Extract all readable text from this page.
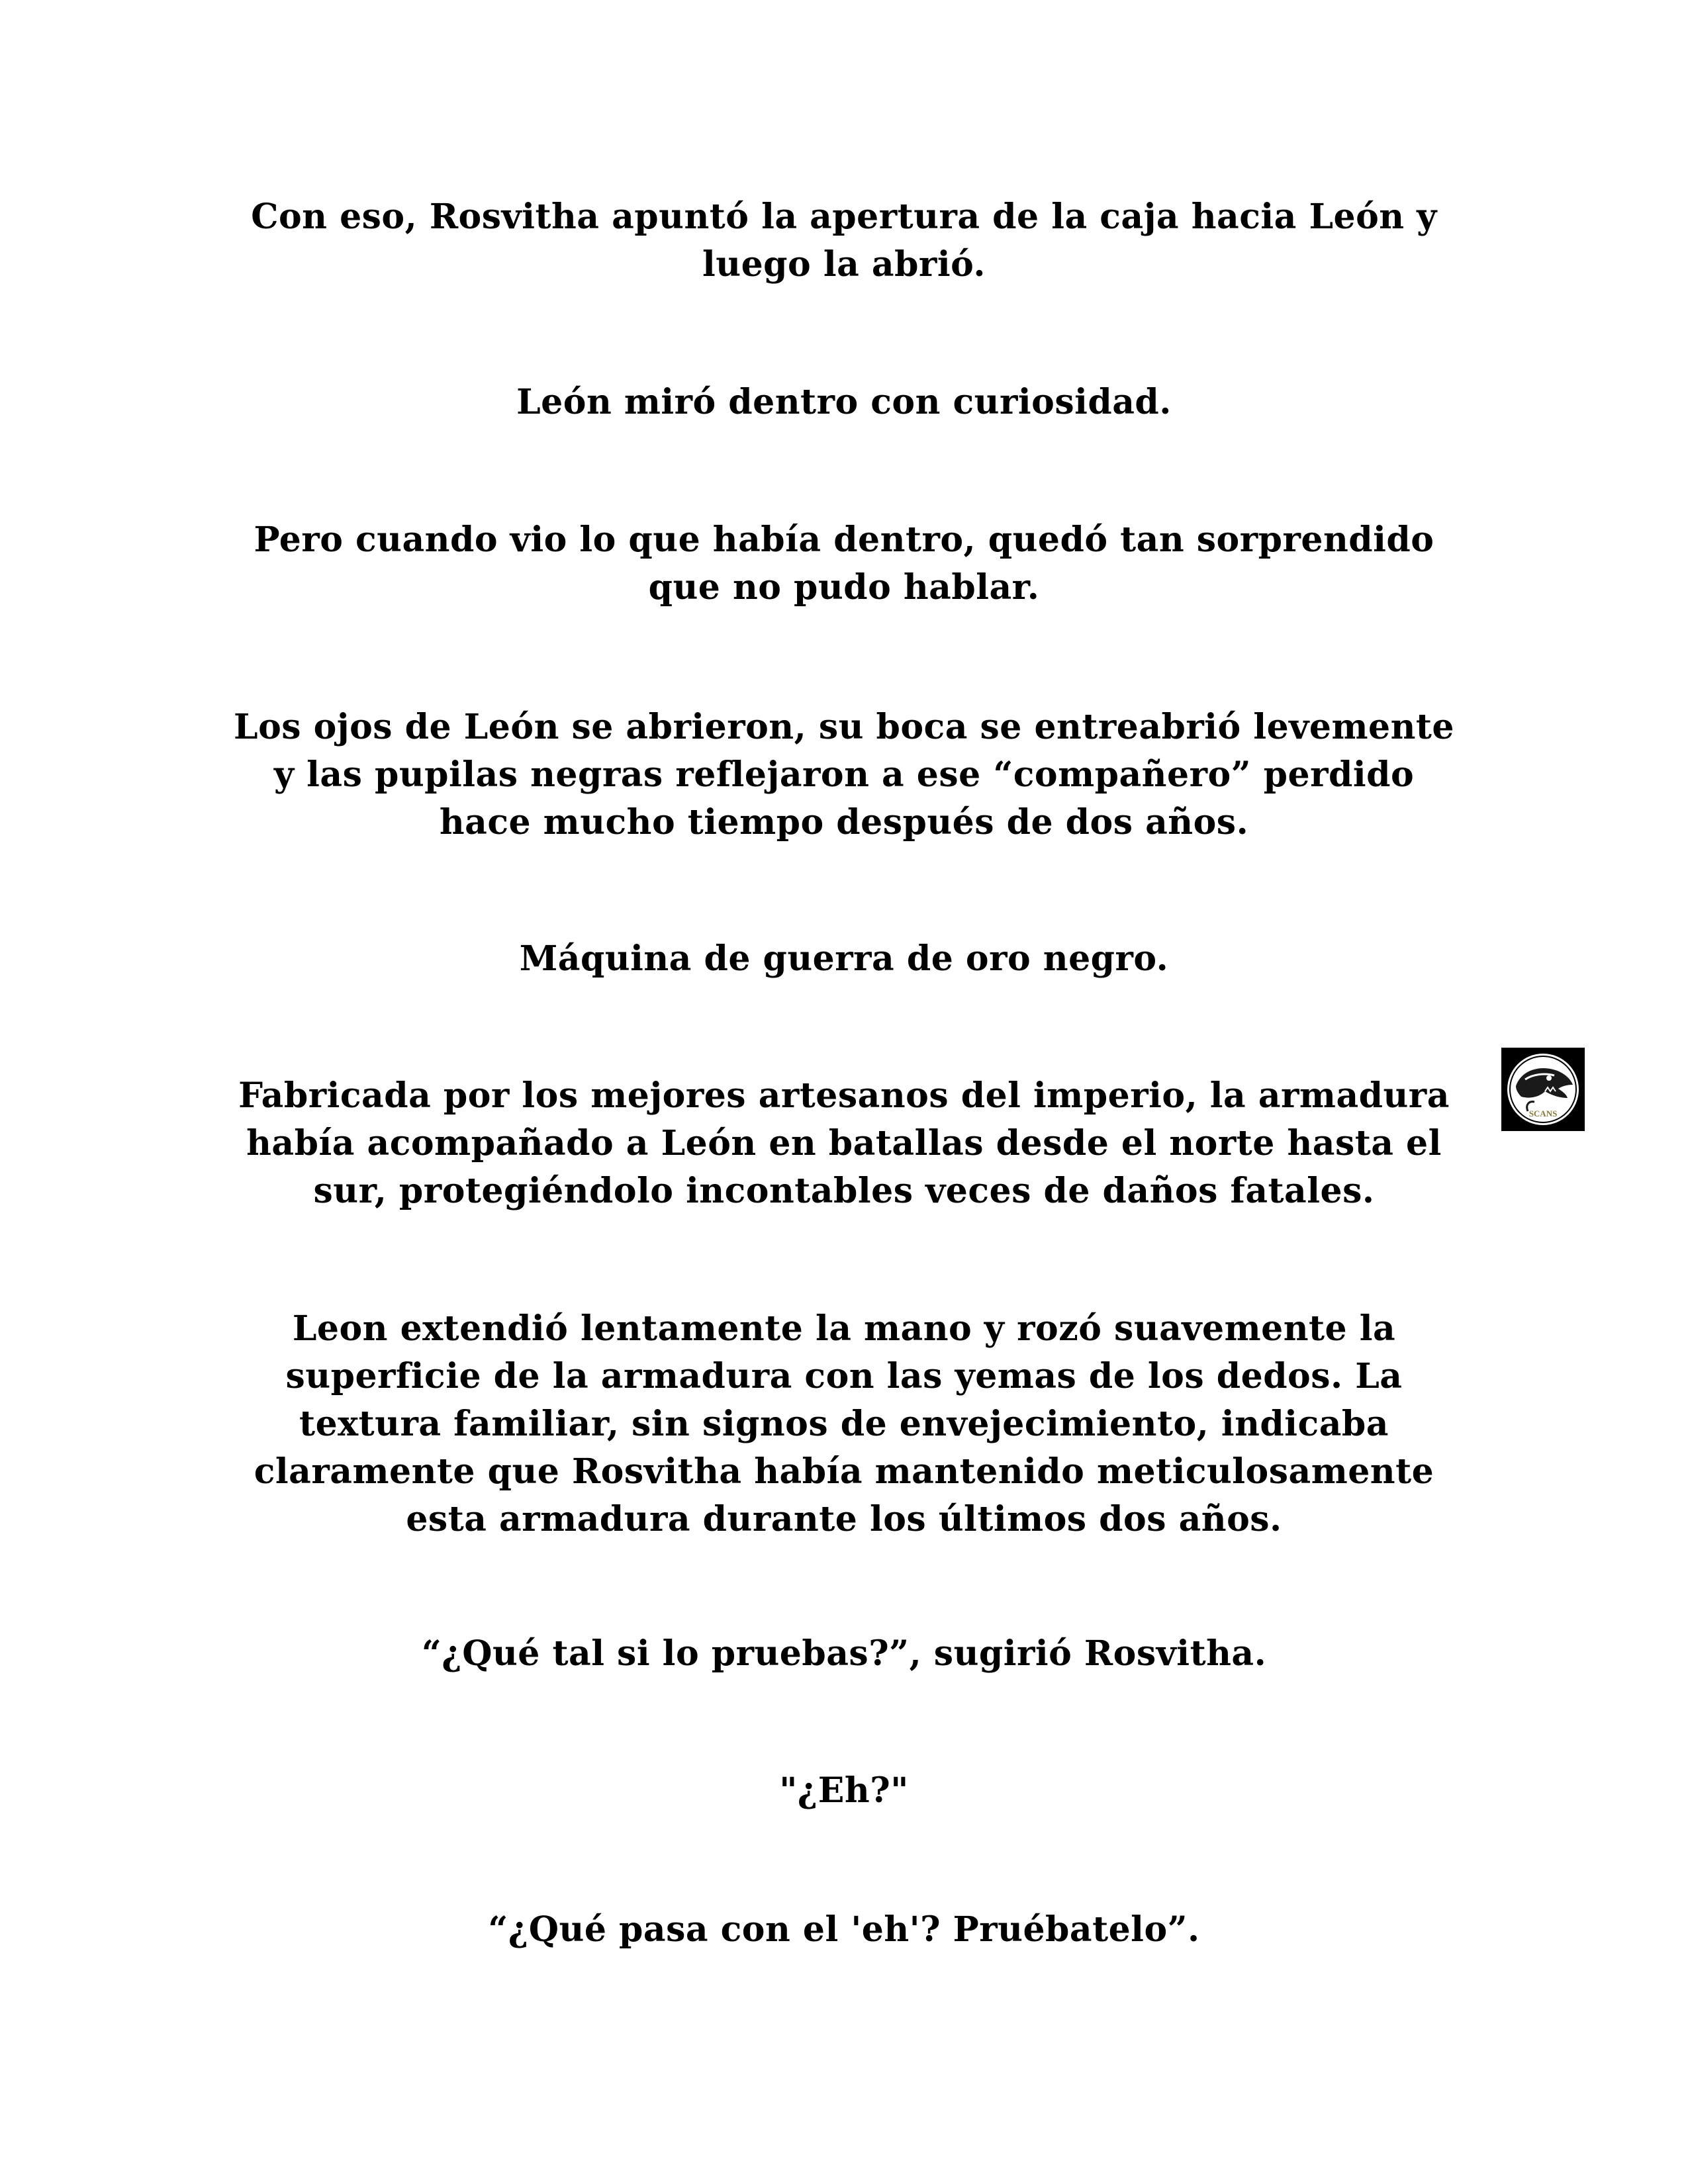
Con eso, Rosvitha apuntó la apertura de la caja hacia León y
luego la abrió.

León miró dentro con curiosidad.

Pero cuando vio lo que había dentro, quedó tan sorprendido
que no pudo hablar.

Los ojos de León se abrieron, su boca se entreabrió levemente
y las pupilas negras reflejaron a ese “compañero” perdido
hace mucho tiempo después de dos años.

Máquina de guerra de oro negro.

Fabricada por los mejores artesanos del imperio, la armadura
había acompañado a León en batallas desde el norte hasta el
sur, protegiéndolo incontables veces de daños fatales.

Leon extendió lentamente la mano y rozó suavemente la
superficie de la armadura con las yemas de los dedos. La
textura familiar, sin signos de envejecimiento, indicaba
claramente que Rosvitha había mantenido meticulosamente
esta armadura durante los últimos dos años.

“¿Qué tal si lo pruebas?”, sugirió Rosvitha.

"¿Eh?"

“¿Qué pasa con el 'eh'? Pruébatelo”.

SCANS
